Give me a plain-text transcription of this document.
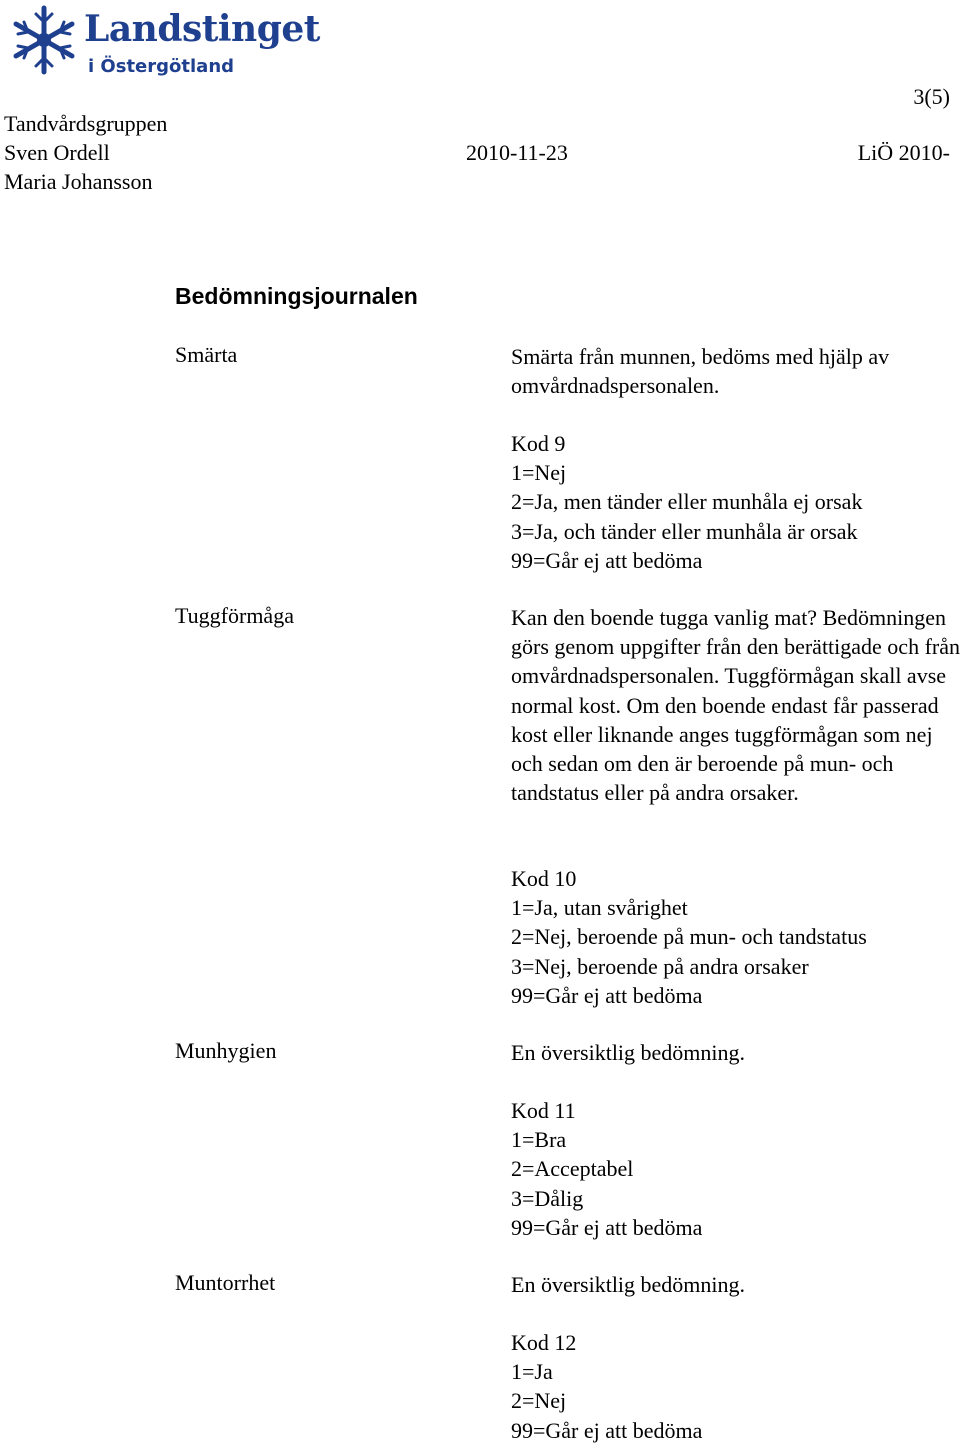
Landstinget
i Östergötland
3(5)
Tandvårdsgruppen
Sven Ordell	2010-11-23	LiÖ 2010-
Maria Johansson
Bedömningsjournalen
Smärta	Smärta från munnen, bedöms med hjälp av omvårdnadspersonalen.

Kod 9

1=Nej

2=Ja, men tänder eller munhåla ej orsak

3=Ja, och tänder eller munhåla är orsak

99=Går ej att bedöma

Tuggförmåga	Kan den boende tugga vanlig mat? Bedömningen görs genom uppgifter från den berättigade och från omvårdnadspersonalen. Tuggförmågan skall avse normal kost. Om den boende endast får passerad kost eller liknande anges tuggförmågan som nej och sedan om den är beroende på mun- och tandstatus eller på andra orsaker.

Kod 10

1=Ja, utan svårighet

2=Nej, beroende på mun- och tandstatus

3=Nej, beroende på andra orsaker

99=Går ej att bedöma

Munhygien	En översiktlig bedömning.

Kod 11

1=Bra

2=Acceptabel

3=Dålig

99=Går ej att bedöma

Muntorrhet	En översiktlig bedömning.

Kod 12

1=Ja

2=Nej

99=Går ej att bedöma
